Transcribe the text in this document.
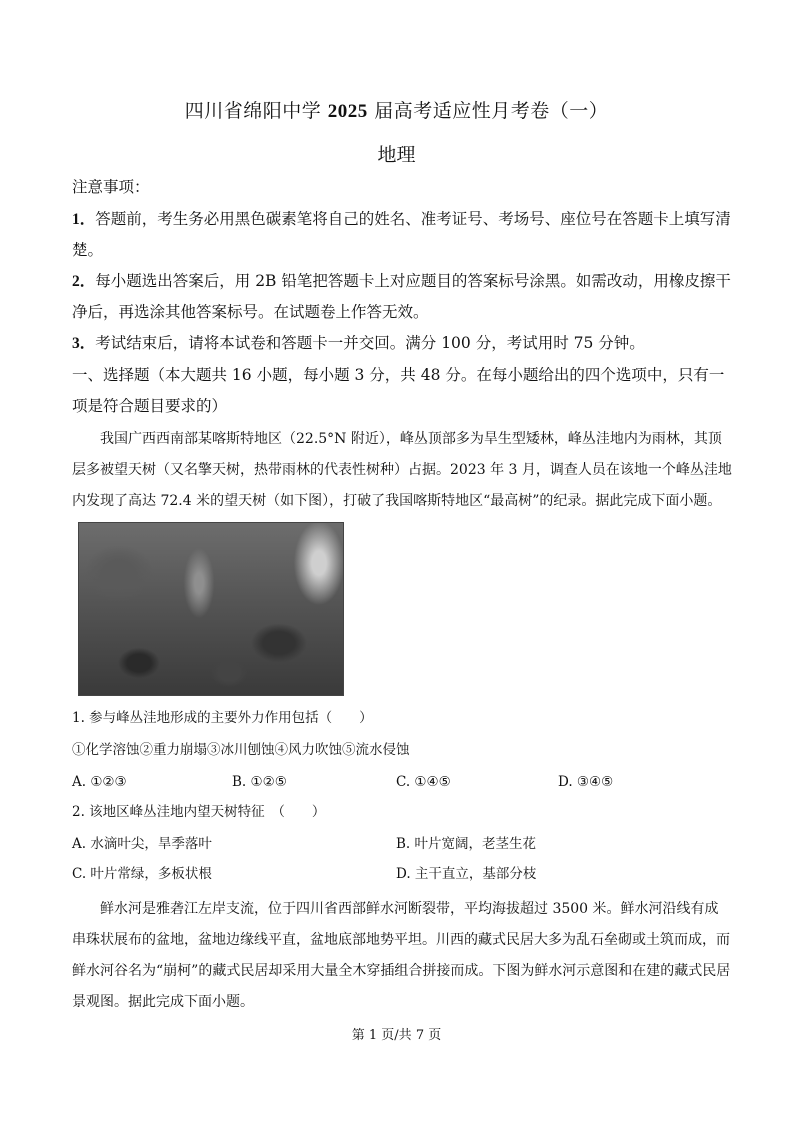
四川省绵阳中学 2025 届高考适应性月考卷（一）
地理
注意事项：
1．答题前，考生务必用黑色碳素笔将自己的姓名、准考证号、考场号、座位号在答题卡上填写清楚。
2．每小题选出答案后，用 2B 铅笔把答题卡上对应题目的答案标号涂黑。如需改动，用橡皮擦干净后，再选涂其他答案标号。在试题卷上作答无效。
3．考试结束后，请将本试卷和答题卡一并交回。满分 100 分，考试用时 75 分钟。
一、选择题（本大题共 16 小题，每小题 3 分，共 48 分。在每小题给出的四个选项中，只有一项是符合题目要求的）
我国广西西南部某喀斯特地区（22.5°N 附近），峰丛顶部多为旱生型矮林，峰丛洼地内为雨林，其顶层多被望天树（又名擎天树，热带雨林的代表性树种）占据。2023 年 3 月，调查人员在该地一个峰丛洼地内发现了高达 72.4 米的望天树（如下图），打破了我国喀斯特地区“最高树”的纪录。据此完成下面小题。
1. 参与峰丛洼地形成的主要外力作用包括（　　）
①化学溶蚀②重力崩塌③冰川刨蚀④风力吹蚀⑤流水侵蚀
A. ①②③	B. ①②⑤	C. ①④⑤	D. ③④⑤
2. 该地区峰丛洼地内望天树特征　（　　）
A. 水滴叶尖，旱季落叶	B. 叶片宽阔，老茎生花
C. 叶片常绿，多板状根	D. 主干直立，基部分枝
鲜水河是雅砻江左岸支流，位于四川省西部鲜水河断裂带，平均海拔超过 3500 米。鲜水河沿线有成串珠状展布的盆地，盆地边缘线平直，盆地底部地势平坦。川西的藏式民居大多为乱石垒砌或土筑而成，而鲜水河谷名为“崩柯”的藏式民居却采用大量全木穿插组合拼接而成。下图为鲜水河示意图和在建的藏式民居景观图。据此完成下面小题。
第 1 页/共 7 页
